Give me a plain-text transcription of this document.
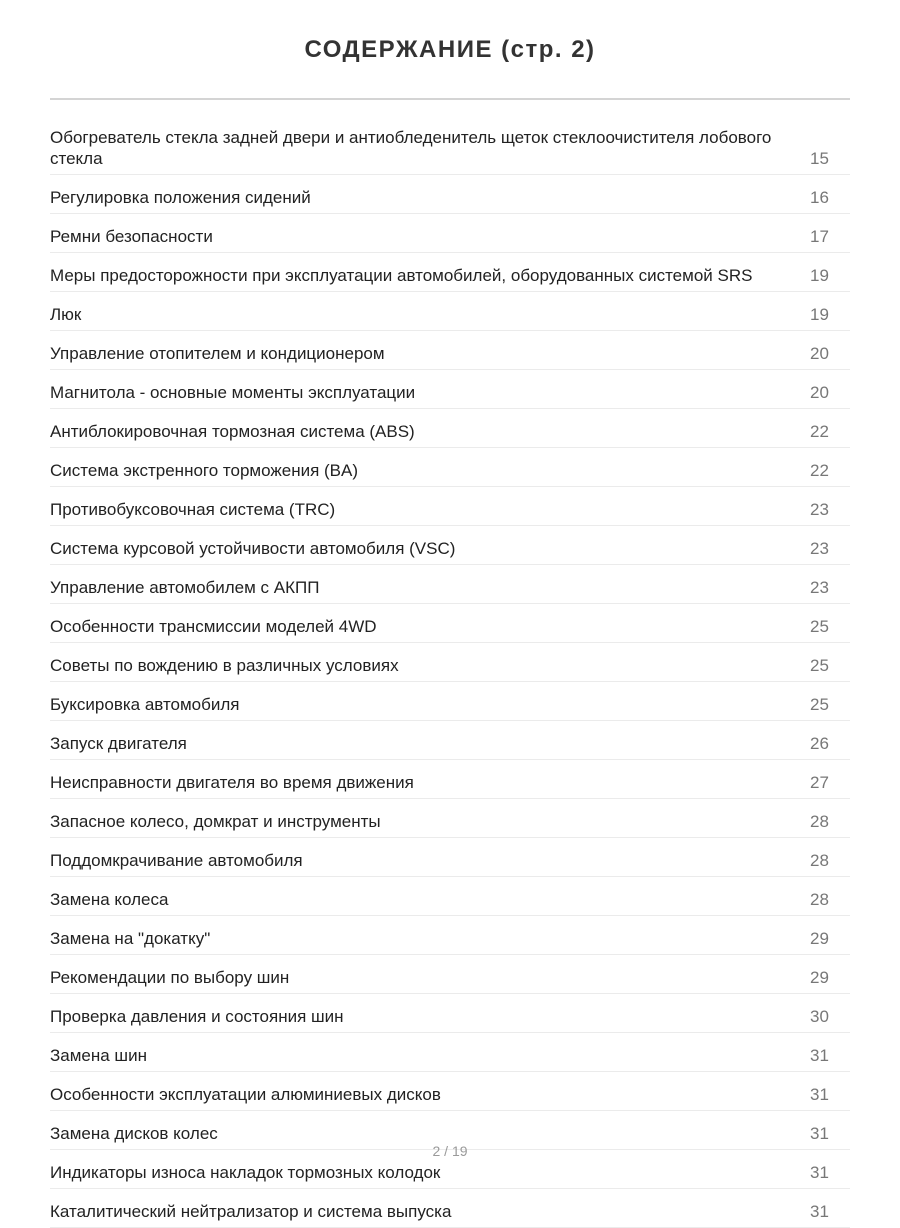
СОДЕРЖАНИЕ (стр. 2)
Обогреватель стекла задней двери и антиобледенитель щеток стеклоочистителя лобового стекла	15
Регулировка положения сидений	16
Ремни безопасности	17
Меры предосторожности при эксплуатации автомобилей, оборудованных системой SRS	19
Люк	19
Управление отопителем и кондиционером	20
Магнитола - основные моменты эксплуатации	20
Антиблокировочная тормозная система (ABS)	22
Система экстренного торможения (BA)	22
Противобуксовочная система (TRC)	23
Система курсовой устойчивости автомобиля (VSC)	23
Управление автомобилем с АКПП	23
Особенности трансмиссии моделей 4WD	25
Советы по вождению в различных условиях	25
Буксировка автомобиля	25
Запуск двигателя	26
Неисправности двигателя во время движения	27
Запасное колесо, домкрат и инструменты	28
Поддомкрачивание автомобиля	28
Замена колеса	28
Замена на "докатку"	29
Рекомендации по выбору шин	29
Проверка давления и состояния шин	30
Замена шин	31
Особенности эксплуатации алюминиевых дисков	31
Замена дисков колес	31
Индикаторы износа накладок тормозных колодок	31
Каталитический нейтрализатор и система выпуска	31
2 / 19
